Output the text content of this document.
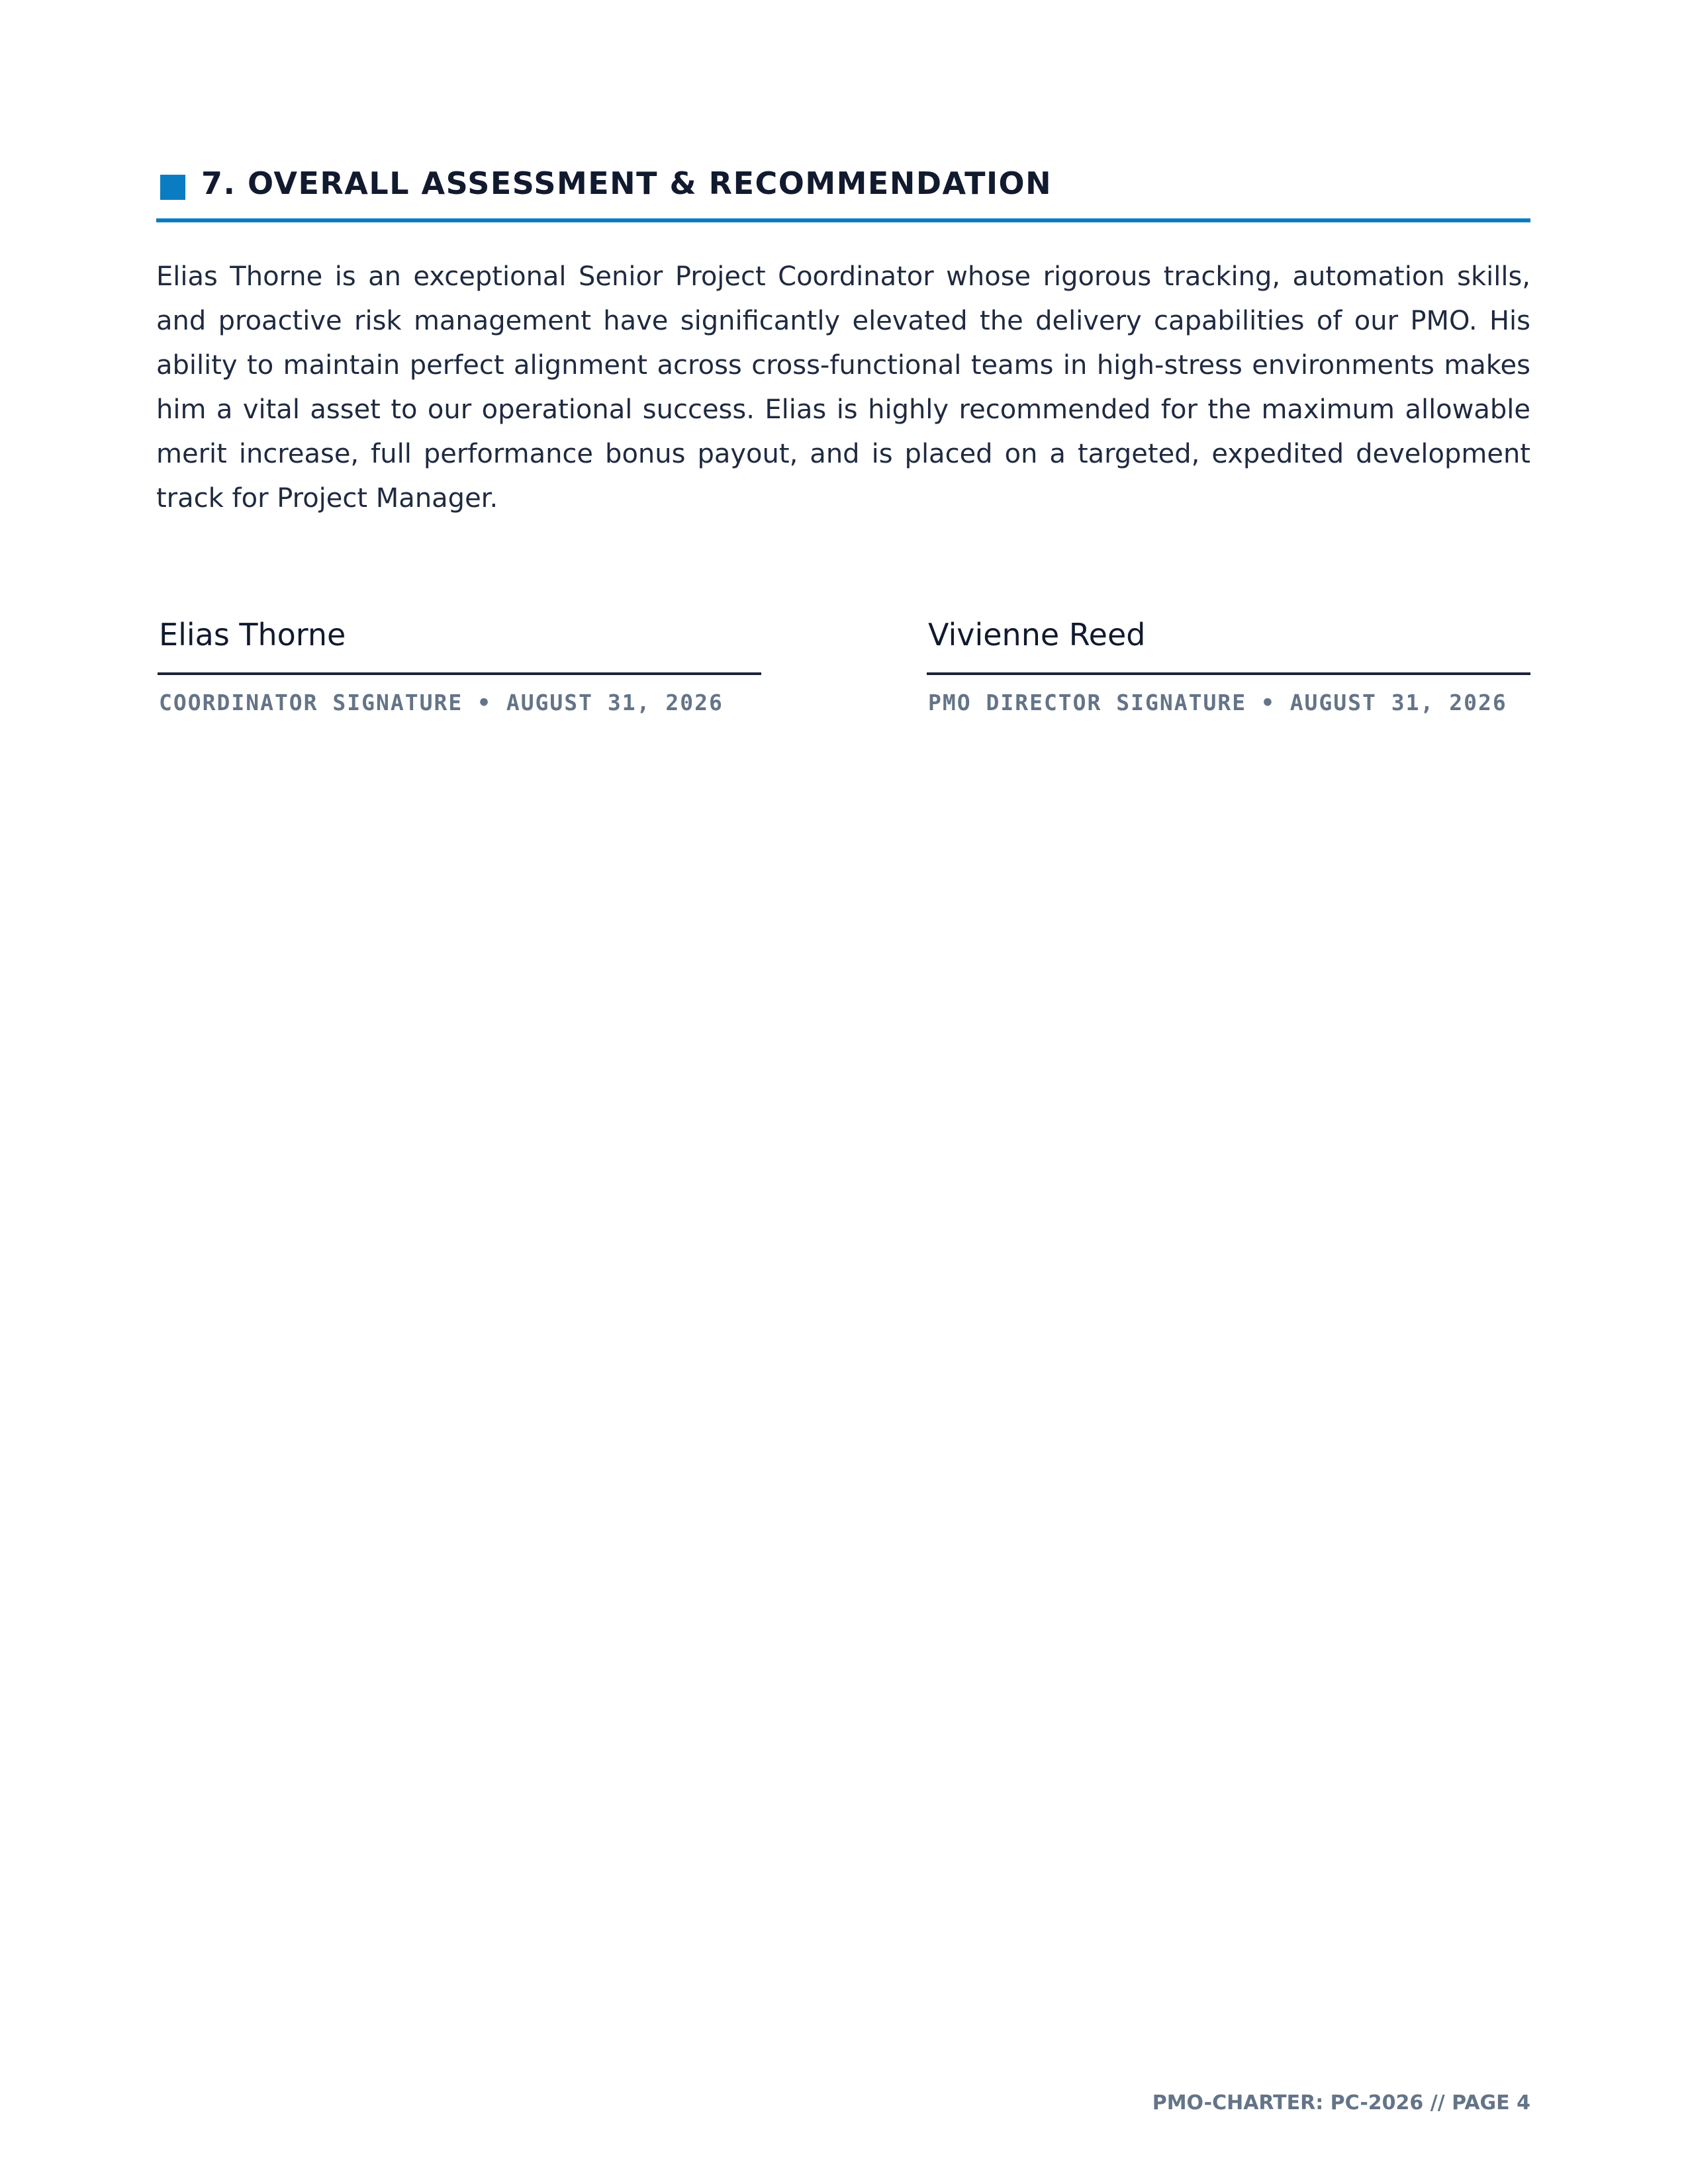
7. OVERALL ASSESSMENT & RECOMMENDATION

Elias Thorne is an exceptional Senior Project Coordinator whose rigorous tracking, automation skills, and proactive risk management have significantly elevated the delivery capabilities of our PMO. His ability to maintain perfect alignment across cross-functional teams in high-stress environments makes him a vital asset to our operational success. Elias is highly recommended for the maximum allowable merit increase, full performance bonus payout, and is placed on a targeted, expedited development track for Project Manager.

Elias Thorne
COORDINATOR SIGNATURE • AUGUST 31, 2026
Vivienne Reed
PMO DIRECTOR SIGNATURE • AUGUST 31, 2026
PMO-CHARTER: PC-2026 // PAGE 4
